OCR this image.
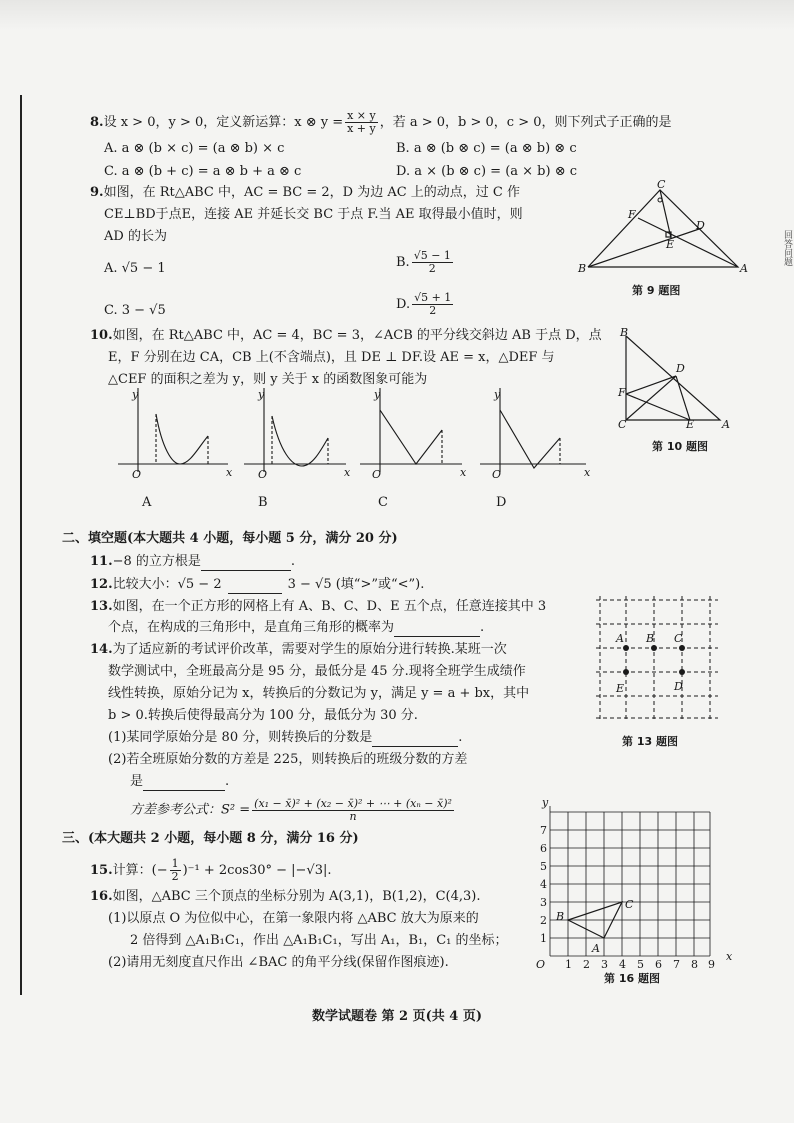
回答问题
8.设 x > 0，y > 0，定义新运算：x ⊗ $y = \frac{x \times y}{x + y}$ ，若 a > 0，b > 0，c > 0，则下列式子正确的是
A. a ⊗ (b × c) = (a ⊗ b) × c	B. a ⊗ (b ⊗ c) = (a ⊗ b) ⊗ c
C. a ⊗ (b + c) = a ⊗ b + a ⊗ c	D. a × (b ⊗ c) = (a × b) ⊗ c
9.如图，在 Rt△ABC 中，AC = BC = 2，D 为边 AC 上的动点，过 C 作
CE⊥BD于点E，连接 AE 并延长交 BC 于点 F.当 AE 取得最小值时，则
AD 的长为
A. √5 − 1	B. $\frac{√5 - 1}{2}$
C. 3 − √5	D. $\frac{√5 + 1}{2}$
C
F
D
E
B	A
第 9 题图
10.如图，在 Rt△ABC 中，AC = 4，BC = 3，∠ACB 的平分线交斜边 AB 于点 D，点
E，F 分别在边 CA，CB 上(不含端点)，且 DE ⊥ DF.设 AE = x，△DEF 与
△CEF 的面积之差为 y，则 y 关于 x 的函数图象可能为
B
D
F
C	E	A
第 10 题图
y
x
O
A
y
x
O
B
y
x
O
C
y
x
O
D
二、填空题(本大题共 4 小题，每小题 5 分，满分 20 分)
11.−8 的立方根是	.
12.比较大小：√5 − 2	3 − √5 (填“>”或“<”).
13.如图，在一个正方形的网格上有 A、B、C、D、E 五个点，任意连接其中 3
个点，在构成的三角形中，是直角三角形的概率为	.
A B C
E	D
第 13 题图
14.为了适应新的考试评价改革，需要对学生的原始分进行转换.某班一次
数学测试中，全班最高分是 95 分，最低分是 45 分.现将全班学生成绩作
线性转换，原始分记为 x，转换后的分数记为 y，满足 y = a + bx，其中
b > 0.转换后使得最高分为 100 分，最低分为 30 分.
(1)某同学原始分是 80 分，则转换后的分数是	.
(2)若全班原始分数的方差是 225，则转换后的班级分数的方差
是	.
方差参考公式：$S^2 = \frac{\text{(x₁ − x̄)² + (x₂ − x̄)² + ⋯ + (xₙ − x̄)²}}{n}$
三、(本大题共 2 小题，每小题 8 分，满分 16 分)
15.计算：(− $\frac{1}{2} )^{-1} + 2\cos 30^\circ - |-√3|$.
16.如图，△ABC 三个顶点的坐标分别为 A(3,1)，B(1,2)，C(4,3).
(1)以原点 O 为位似中心，在第一象限内将 △ABC 放大为原来的
2 倍得到 △A₁B₁C₁，作出 △A₁B₁C₁，写出 A₁，B₁，C₁ 的坐标；
(2)请用无刻度直尺作出 ∠BAC 的角平分线(保留作图痕迹).
y
x
O
1
2
3
4
5
6
7
1 2 3 4 5 6 7 8 9
A
B
C
第 16 题图
数学试题卷 第 2 页(共 4 页)
